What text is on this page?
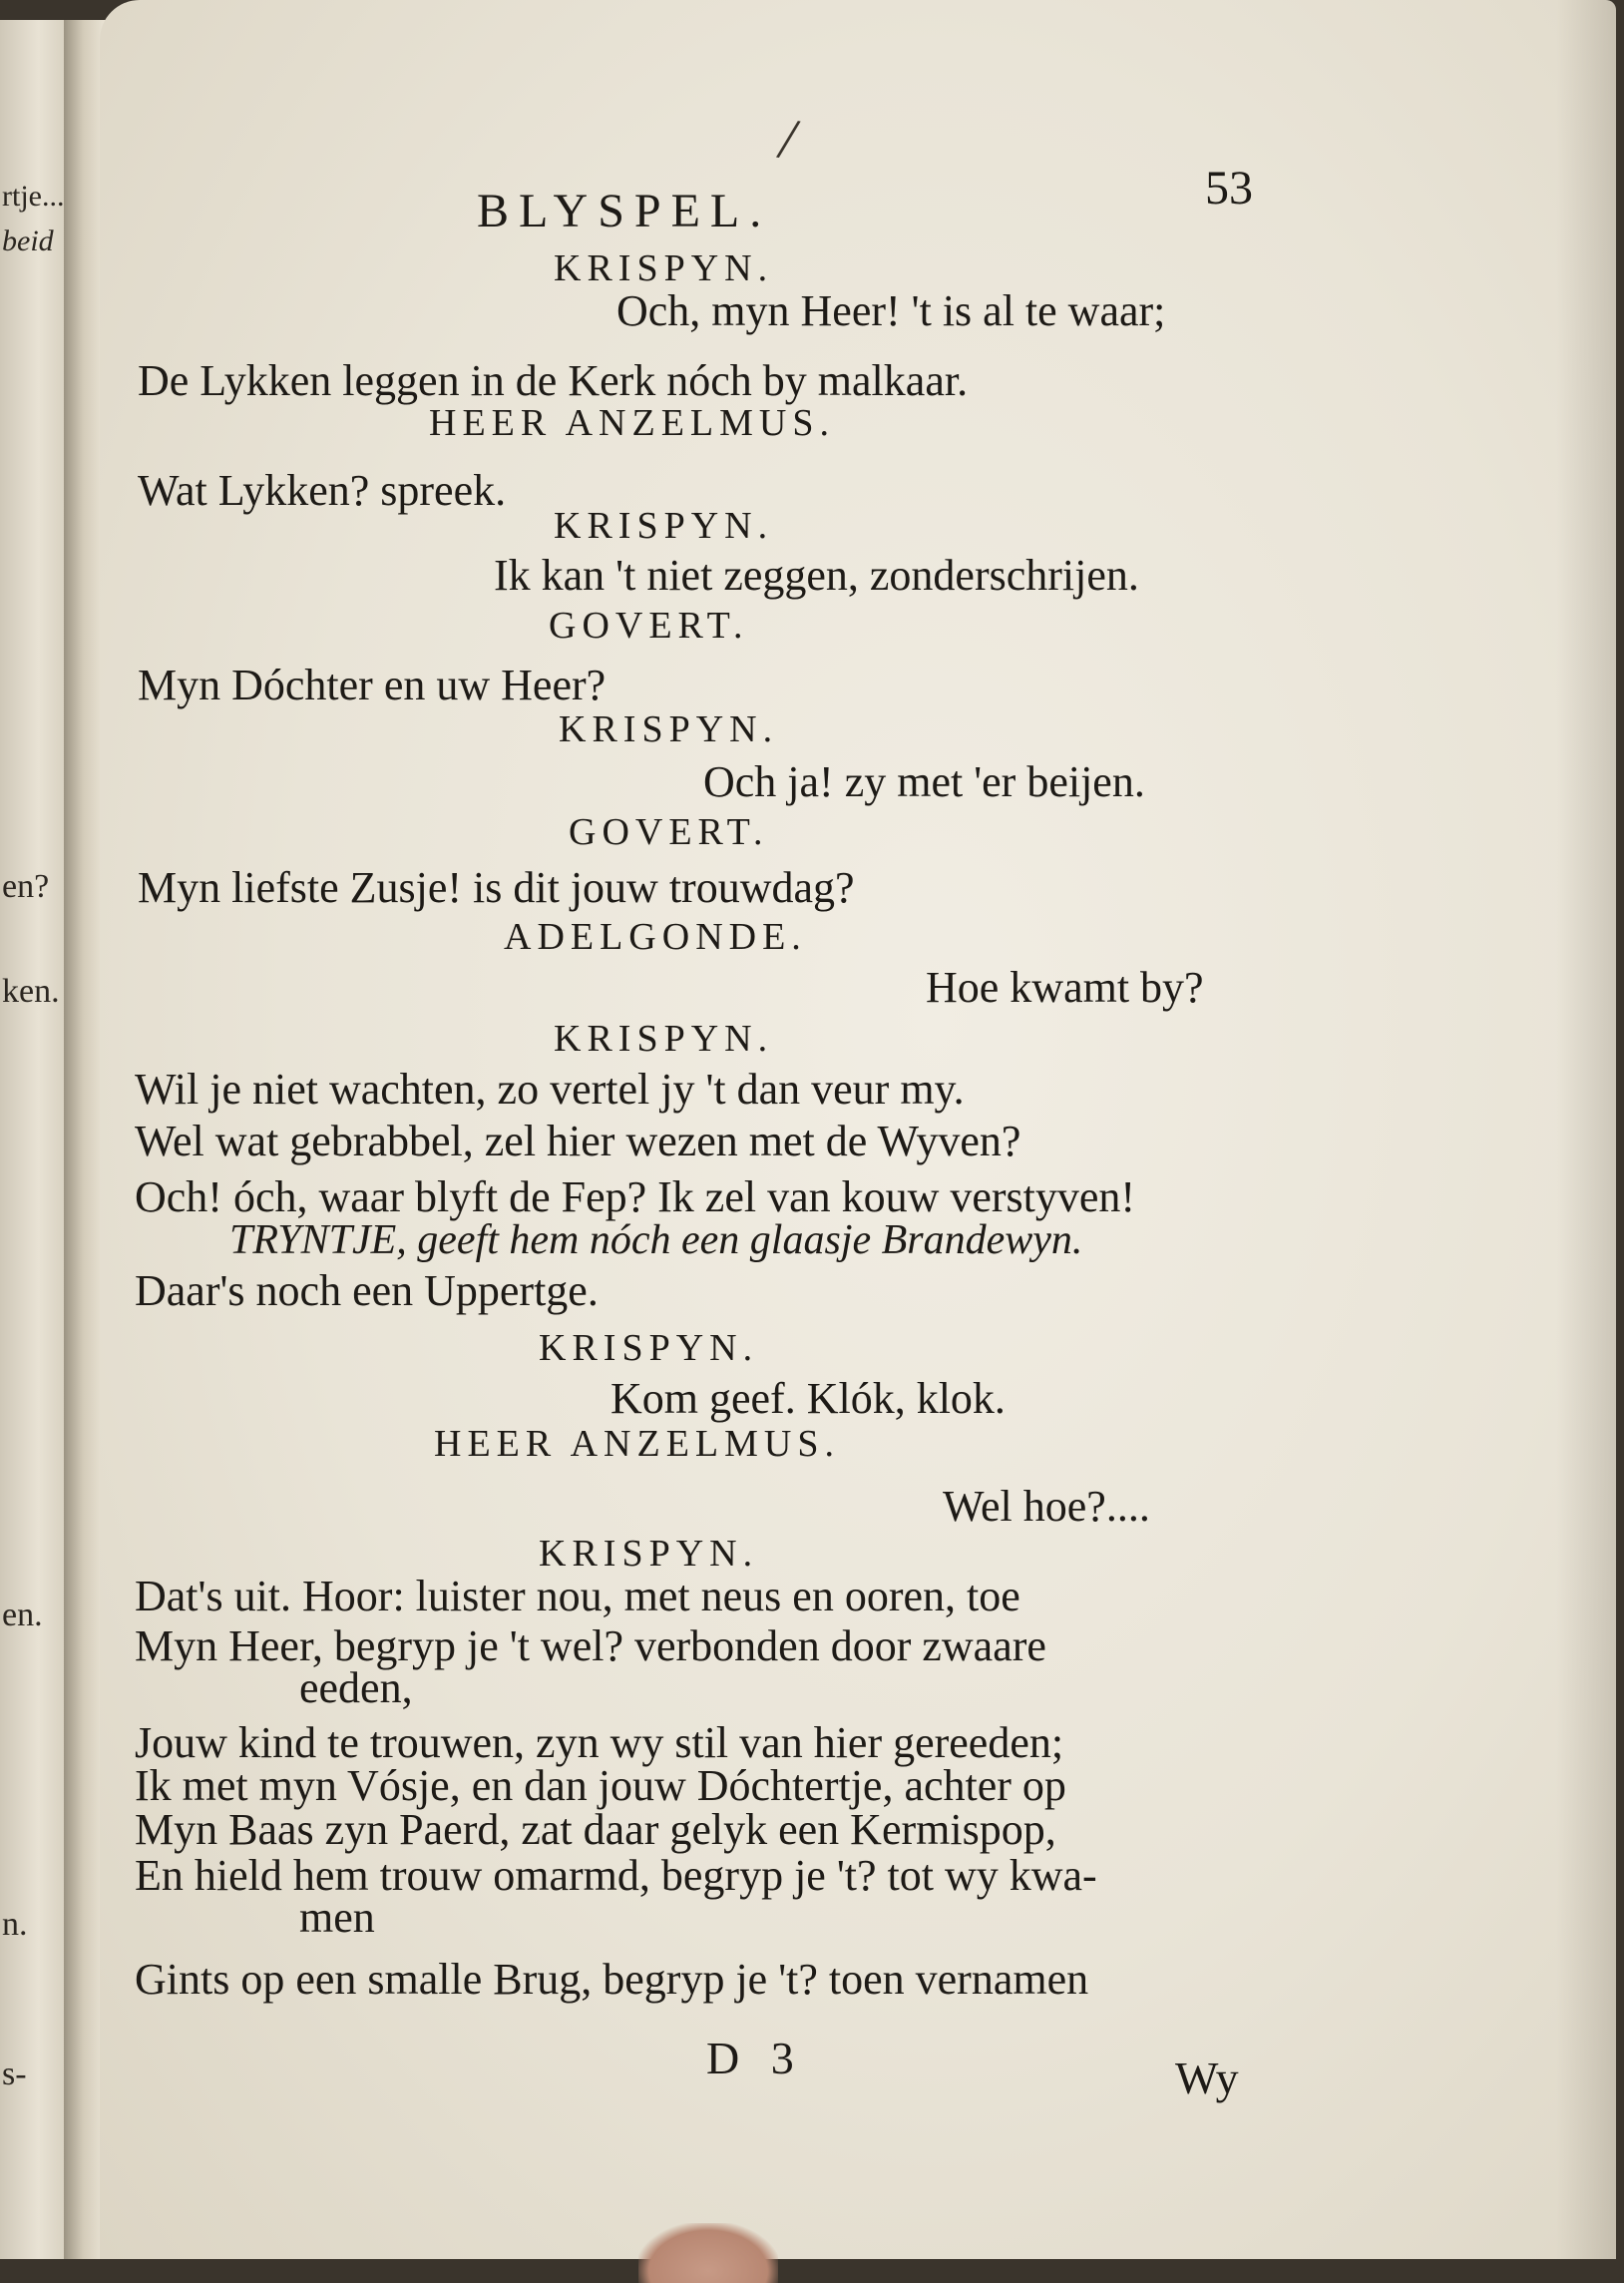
rtje...
beid
en?
ken.
en.
n.
s-
/
BLYSPEL.	53
KRISPYN.
Och, myn Heer! 't is al te waar;
De Lykken leggen in de Kerk nóch by malkaar.
HEER ANZELMUS.
Wat Lykken? spreek.
KRISPYN.
Ik kan 't niet zeggen, zonderschrijen.
GOVERT.
Myn Dóchter en uw Heer?
KRISPYN.
Och ja! zy met 'er beijen.
GOVERT.
Myn liefste Zusje! is dit jouw trouwdag?
ADELGONDE.
Hoe kwamt by?
KRISPYN.
Wil je niet wachten, zo vertel jy 't dan veur my.
Wel wat gebrabbel, zel hier wezen met de Wyven?
Och! óch, waar blyft de Fep? Ik zel van kouw verstyven!
TRYNTJE, geeft hem nóch een glaasje Brandewyn.
Daar's noch een Uppertge.
KRISPYN.
Kom geef. Klók, klok.
HEER ANZELMUS.
Wel hoe?....
KRISPYN.
Dat's uit. Hoor: luister nou, met neus en ooren, toe
Myn Heer, begryp je 't wel? verbonden door zwaare
eeden,
Jouw kind te trouwen, zyn wy stil van hier gereeden;
Ik met myn Vósje, en dan jouw Dóchtertje, achter op
Myn Baas zyn Paerd, zat daar gelyk een Kermispop,
En hield hem trouw omarmd, begryp je 't? tot wy kwa-
men
Gints op een smalle Brug, begryp je 't? toen vernamen
D 3	Wy
